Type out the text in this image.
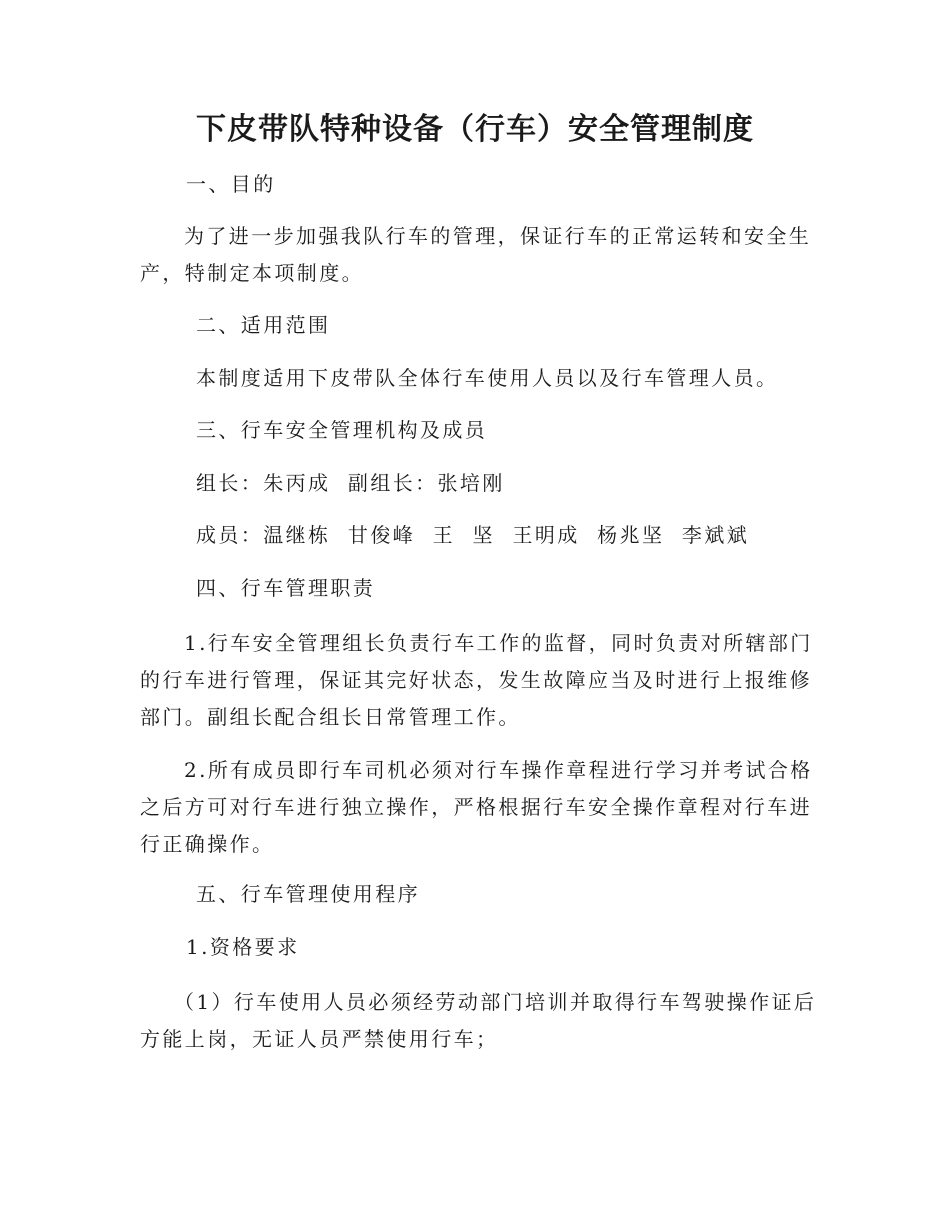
下皮带队特种设备（行车）安全管理制度
一、目的
为了进一步加强我队行车的管理，保证行车的正常运转和安全生产，特制定本项制度。
二、适用范围
本制度适用下皮带队全体行车使用人员以及行车管理人员。
三、行车安全管理机构及成员
组长：朱丙成  副组长：张培刚
成员：温继栋  甘俊峰  王  坚  王明成  杨兆坚  李斌斌
四、行车管理职责
1.行车安全管理组长负责行车工作的监督，同时负责对所辖部门的行车进行管理，保证其完好状态，发生故障应当及时进行上报维修部门。副组长配合组长日常管理工作。
2.所有成员即行车司机必须对行车操作章程进行学习并考试合格之后方可对行车进行独立操作，严格根据行车安全操作章程对行车进行正确操作。
五、行车管理使用程序
1.资格要求
（1）行车使用人员必须经劳动部门培训并取得行车驾驶操作证后方能上岗，无证人员严禁使用行车；
